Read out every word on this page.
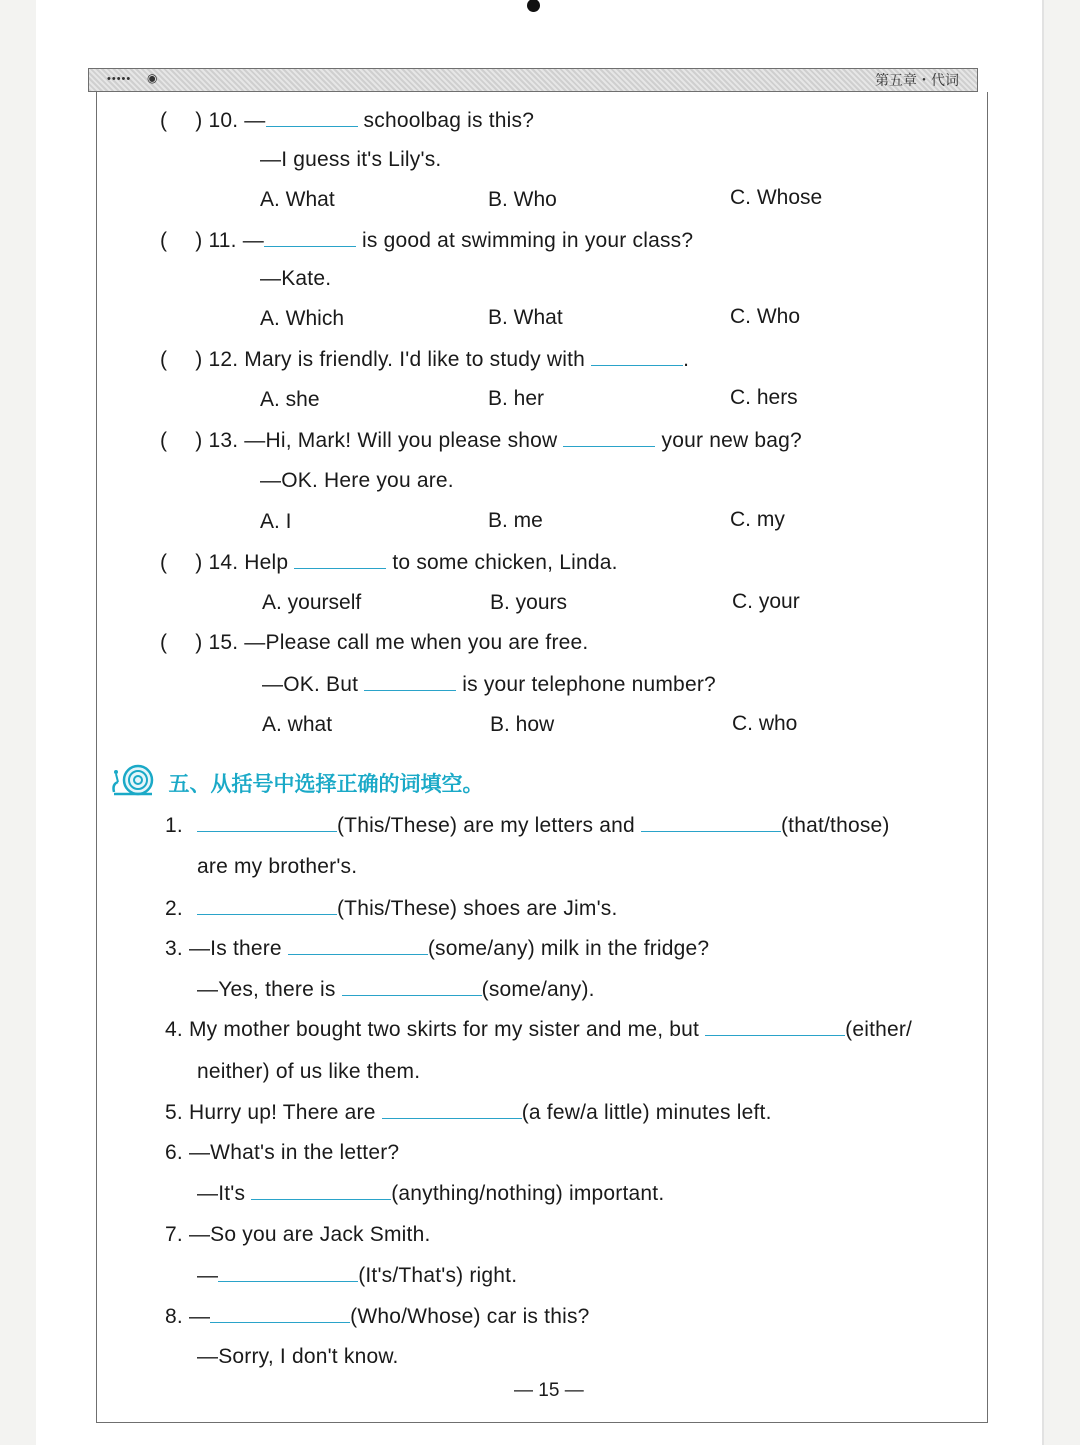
••••• ◉	第五章・代词
( ) 10. —	schoolbag is this?
—I guess it's Lily's.
A. What	B. Who	C. Whose
( ) 11. —	is good at swimming in your class?
—Kate.
A. Which	B. What	C. Who
( ) 12. Mary is friendly. I'd like to study with	.
A. she	B. her	C. hers
( ) 13. —Hi, Mark! Will you please show	your new bag?
—OK. Here you are.
A. I	B. me	C. my
( ) 14. Help	to some chicken, Linda.
A. yourself	B. yours	C. your
( ) 15. —Please call me when you are free.
—OK. But	is your telephone number?
A. what	B. how	C. who
五、从括号中选择正确的词填空。
1.	(This/These) are my letters and	(that/those)
are my brother's.
2.	(This/These) shoes are Jim's.
3. —Is there	(some/any) milk in the fridge?
—Yes, there is	(some/any).
4. My mother bought two skirts for my sister and me, but	(either/
neither) of us like them.
5. Hurry up! There are	(a few/a little) minutes left.
6. —What's in the letter?
—It's	(anything/nothing) important.
7. —So you are Jack Smith.
—	(It's/That's) right.
8. —	(Who/Whose) car is this?
—Sorry, I don't know.
— 15 —
